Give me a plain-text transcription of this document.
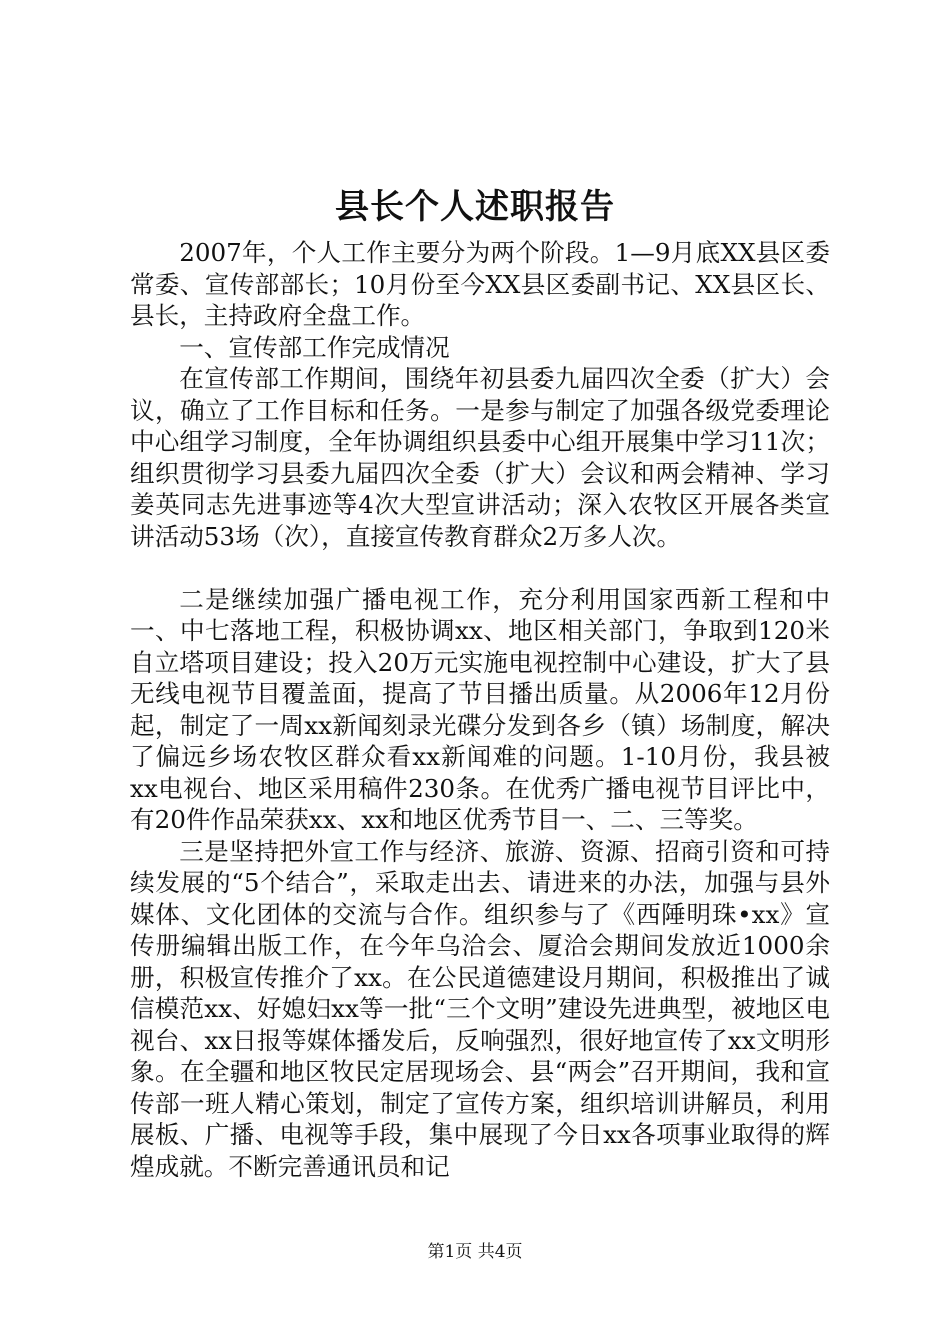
县长个人述职报告

2007年，个人工作主要分为两个阶段。1—9月底XX县区委常委、宣传部部长；10月份至今XX县区委副书记、XX县区长、县长，主持政府全盘工作。

一、宣传部工作完成情况

在宣传部工作期间，围绕年初县委九届四次全委（扩大）会议，确立了工作目标和任务。一是参与制定了加强各级党委理论中心组学习制度，全年协调组织县委中心组开展集中学习11次；组织贯彻学习县委九届四次全委（扩大）会议和两会精神、学习姜英同志先进事迹等4次大型宣讲活动；深入农牧区开展各类宣讲活动53场（次），直接宣传教育群众2万多人次。

二是继续加强广播电视工作，充分利用国家西新工程和中一、中七落地工程，积极协调xx、地区相关部门，争取到120米自立塔项目建设；投入20万元实施电视控制中心建设，扩大了县无线电视节目覆盖面，提高了节目播出质量。从2006年12月份起，制定了一周xx新闻刻录光碟分发到各乡（镇）场制度，解决了偏远乡场农牧区群众看xx新闻难的问题。1-10月份，我县被xx电视台、地区采用稿件230条。在优秀广播电视节目评比中，有20件作品荣获xx、xx和地区优秀节目一、二、三等奖。

三是坚持把外宣工作与经济、旅游、资源、招商引资和可持续发展的“5个结合”，采取走出去、请进来的办法，加强与县外媒体、文化团体的交流与合作。组织参与了《西陲明珠•xx》宣传册编辑出版工作，在今年乌洽会、厦洽会期间发放近1000余册，积极宣传推介了xx。在公民道德建设月期间，积极推出了诚信模范xx、好媳妇xx等一批“三个文明”建设先进典型，被地区电视台、xx日报等媒体播发后，反响强烈，很好地宣传了xx文明形象。在全疆和地区牧民定居现场会、县“两会”召开期间，我和宣传部一班人精心策划，制定了宣传方案，组织培训讲解员，利用展板、广播、电视等手段，集中展现了今日xx各项事业取得的辉煌成就。不断完善通讯员和记

第1页 共4页
